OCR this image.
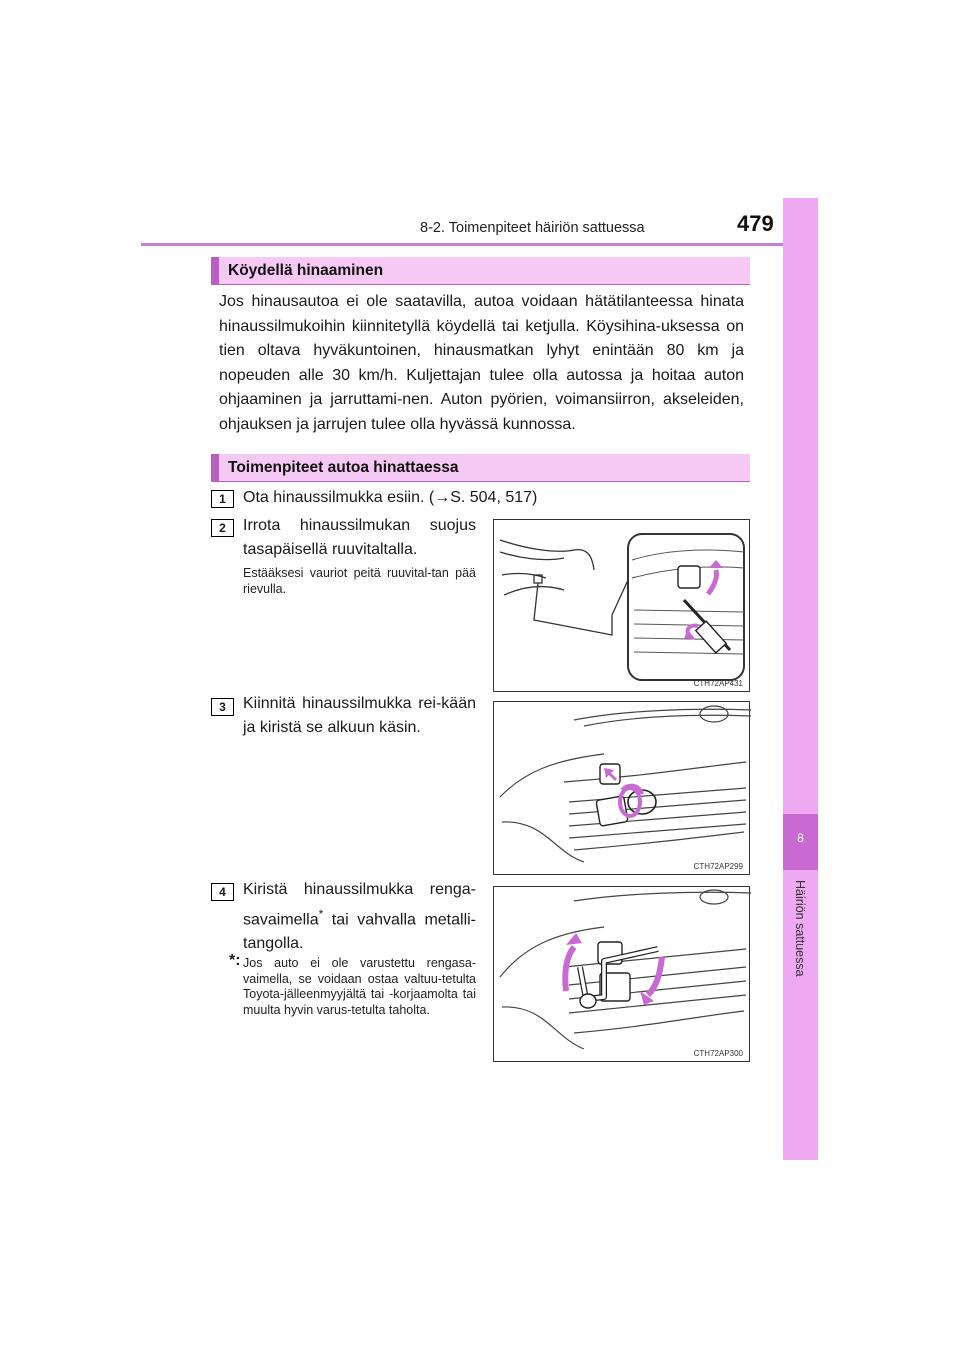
8-2. Toimenpiteet häiriön sattuessa	479
8
Häiriön sattuessa
Köydellä hinaaminen
Jos hinausautoa ei ole saatavilla, autoa voidaan hätätilanteessa hinata hinaussilmukoihin kiinnitetyllä köydellä tai ketjulla. Köysihina-uksessa on tien oltava hyväkuntoinen, hinausmatkan lyhyt enintään 80 km ja nopeuden alle 30 km/h. Kuljettajan tulee olla autossa ja hoitaa auton ohjaaminen ja jarruttami-nen. Auton pyörien, voimansiirron, akseleiden, ohjauksen ja jarrujen tulee olla hyvässä kunnossa.
Toimenpiteet autoa hinattaessa
1	Ota hinaussilmukka esiin. (→S. 504, 517)
2	Irrota hinaussilmukan suojus tasapäisellä ruuvitaltalla.
Estääksesi vauriot peitä ruuvital-tan pää rievulla.
CTH72AP431
3	Kiinnitä hinaussilmukka rei-kään ja kiristä se alkuun käsin.
CTH72AP299
4	Kiristä hinaussilmukka renga-savaimella* tai vahvalla metalli-tangolla.
*: Jos auto ei ole varustettu rengasa-vaimella, se voidaan ostaa valtuu-tetulta Toyota-jälleenmyyjältä tai -korjaamolta tai muulta hyvin varus-tetulta taholta.
CTH72AP300
